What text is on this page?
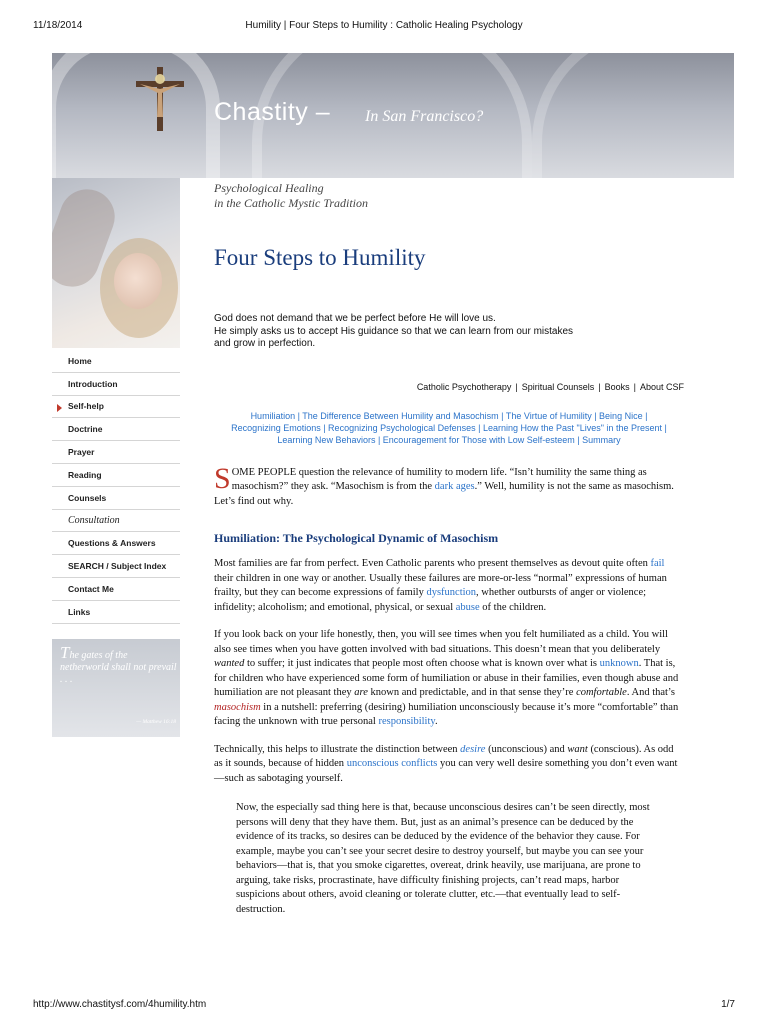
11/18/2014	Humility | Four Steps to Humility : Catholic Healing Psychology
Chastity – In San Francisco?
Home
Introduction
Self-help
Doctrine
Prayer
Reading
Counsels
Consultation
Questions & Answers
SEARCH / Subject Index
Contact Me
Links
The gates of the netherworld shall not prevail . . .
— Matthew 16:18
Psychological Healing
in the Catholic Mystic Tradition
Four Steps to Humility
God does not demand that we be perfect before He will love us.
He simply asks us to accept His guidance so that we can learn from our mistakes
and grow in perfection.
Catholic Psychotherapy | Spiritual Counsels | Books | About CSF
Humiliation | The Difference Between Humility and Masochism | The Virtue of Humility | Being Nice |
Recognizing Emotions | Recognizing Psychological Defenses | Learning How the Past "Lives" in the Present |
Learning New Behaviors | Encouragement for Those with Low Self-esteem | Summary
SOME PEOPLE question the relevance of humility to modern life. “Isn’t humility the same thing as masochism?” they ask. “Masochism is from the dark ages.” Well, humility is not the same as masochism. Let’s find out why.
Humiliation: The Psychological Dynamic of Masochism
Most families are far from perfect. Even Catholic parents who present themselves as devout quite often fail their children in one way or another. Usually these failures are more-or-less “normal” expressions of human frailty, but they can become expressions of family dysfunction, whether outbursts of anger or violence; infidelity; alcoholism; and emotional, physical, or sexual abuse of the children.
If you look back on your life honestly, then, you will see times when you felt humiliated as a child. You will also see times when you have gotten involved with bad situations. This doesn’t mean that you deliberately wanted to suffer; it just indicates that people most often choose what is known over what is unknown. That is, for children who have experienced some form of humiliation or abuse in their families, even though abuse and humiliation are not pleasant they are known and predictable, and in that sense they’re comfortable. And that’s masochism in a nutshell: preferring (desiring) humiliation unconsciously because it’s more “comfortable” than facing the unknown with true personal responsibility.
Technically, this helps to illustrate the distinction between desire (unconscious) and want (conscious). As odd as it sounds, because of hidden unconscious conflicts you can very well desire something you don’t even want—such as sabotaging yourself.
Now, the especially sad thing here is that, because unconscious desires can’t be seen directly, most persons will deny that they have them. But, just as an animal’s presence can be deduced by the evidence of its tracks, so desires can be deduced by the evidence of the behavior they cause. For example, maybe you can’t see your secret desire to destroy yourself, but maybe you can see your behaviors—that is, that you smoke cigarettes, overeat, drink heavily, use marijuana, are prone to arguing, take risks, procrastinate, have difficulty finishing projects, can’t read maps, harbor suspicions about others, avoid cleaning or tolerate clutter, etc.—that eventually lead to self-destruction.
http://www.chastitysf.com/4humility.htm	1/7
